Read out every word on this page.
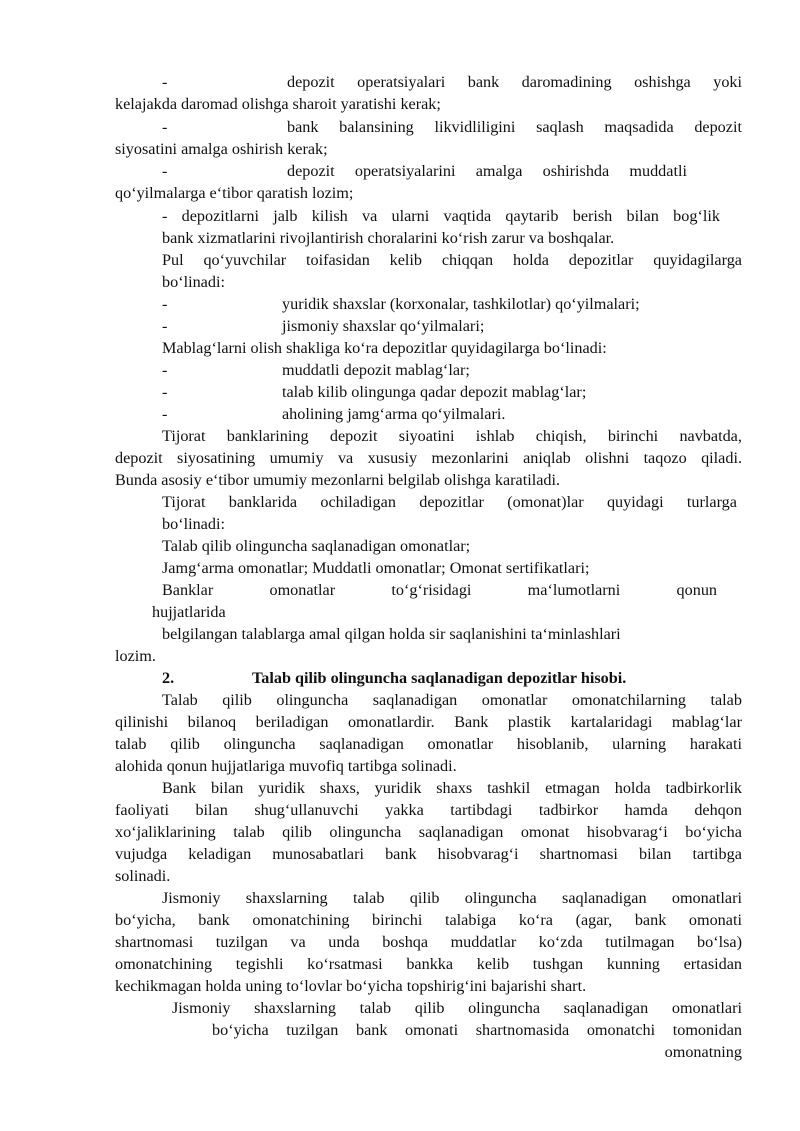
-	depozit operatsiyalari bank daromadining oshishga yoki
kelajakda daromad olishga sharoit yaratishi kerak;
-	bank balansining likvidliligini saqlash maqsadida depozit
siyosatini amalga oshirish kerak;
-	depozit operatsiyalarini amalga oshirishda muddatli
qo‘yilmalarga e‘tibor qaratish lozim;
- depozitlarni jalb kilish va ularni vaqtida qaytarib berish bilan bog‘lik
bank xizmatlarini rivojlantirish choralarini ko‘rish zarur va boshqalar.
Pul qo‘yuvchilar toifasidan kelib chiqqan holda depozitlar quyidagilarga
bo‘linadi:
-	yuridik shaxslar (korxonalar, tashkilotlar) qo‘yilmalari;
-	jismoniy shaxslar qo‘yilmalari;
Mablag‘larni olish shakliga ko‘ra depozitlar quyidagilarga bo‘linadi:
-	muddatli depozit mablag‘lar;
-	talab kilib olingunga qadar depozit mablag‘lar;
-	aholining jamg‘arma qo‘yilmalari.
Tijorat banklarining depozit siyoatini ishlab chiqish, birinchi navbatda,
depozit siyosatining umumiy va xususiy mezonlarini aniqlab olishni taqozo qiladi.
Bunda asosiy e‘tibor umumiy mezonlarni belgilab olishga karatiladi.
Tijorat banklarida ochiladigan depozitlar (omonat)lar quyidagi turlarga
bo‘linadi:
Talab qilib olinguncha saqlanadigan omonatlar;
Jamg‘arma omonatlar; Muddatli omonatlar; Omonat sertifikatlari;
Banklar	omonatlar	to‘g‘risidagi	ma‘lumotlarni	qonun
hujjatlarida
belgilangan talablarga amal qilgan holda sir saqlanishini ta‘minlashlari
lozim.
2.	Talab qilib olinguncha saqlanadigan depozitlar hisobi.
Talab qilib olinguncha saqlanadigan omonatlar omonatchilarning talab
qilinishi bilanoq beriladigan omonatlardir. Bank plastik kartalaridagi mablag‘lar
talab qilib olinguncha saqlanadigan omonatlar hisoblanib, ularning harakati
alohida qonun hujjatlariga muvofiq tartibga solinadi.
Bank bilan yuridik shaxs, yuridik shaxs tashkil etmagan holda tadbirkorlik
faoliyati bilan shug‘ullanuvchi yakka tartibdagi tadbirkor hamda dehqon
xo‘jaliklarining talab qilib olinguncha saqlanadigan omonat hisobvarag‘i bo‘yicha
vujudga keladigan munosabatlari bank hisobvarag‘i shartnomasi bilan tartibga
solinadi.
Jismoniy shaxslarning talab qilib olinguncha saqlanadigan omonatlari
bo‘yicha, bank omonatchining birinchi talabiga ko‘ra (agar, bank omonati
shartnomasi tuzilgan va unda boshqa muddatlar ko‘zda tutilmagan bo‘lsa)
omonatchining tegishli ko‘rsatmasi bankka kelib tushgan kunning ertasidan
kechikmagan holda uning to‘lovlar bo‘yicha topshirig‘ini bajarishi shart.
Jismoniy shaxslarning talab qilib olinguncha saqlanadigan omonatlari
bo‘yicha tuzilgan bank omonati shartnomasida omonatchi tomonidan
omonatning
